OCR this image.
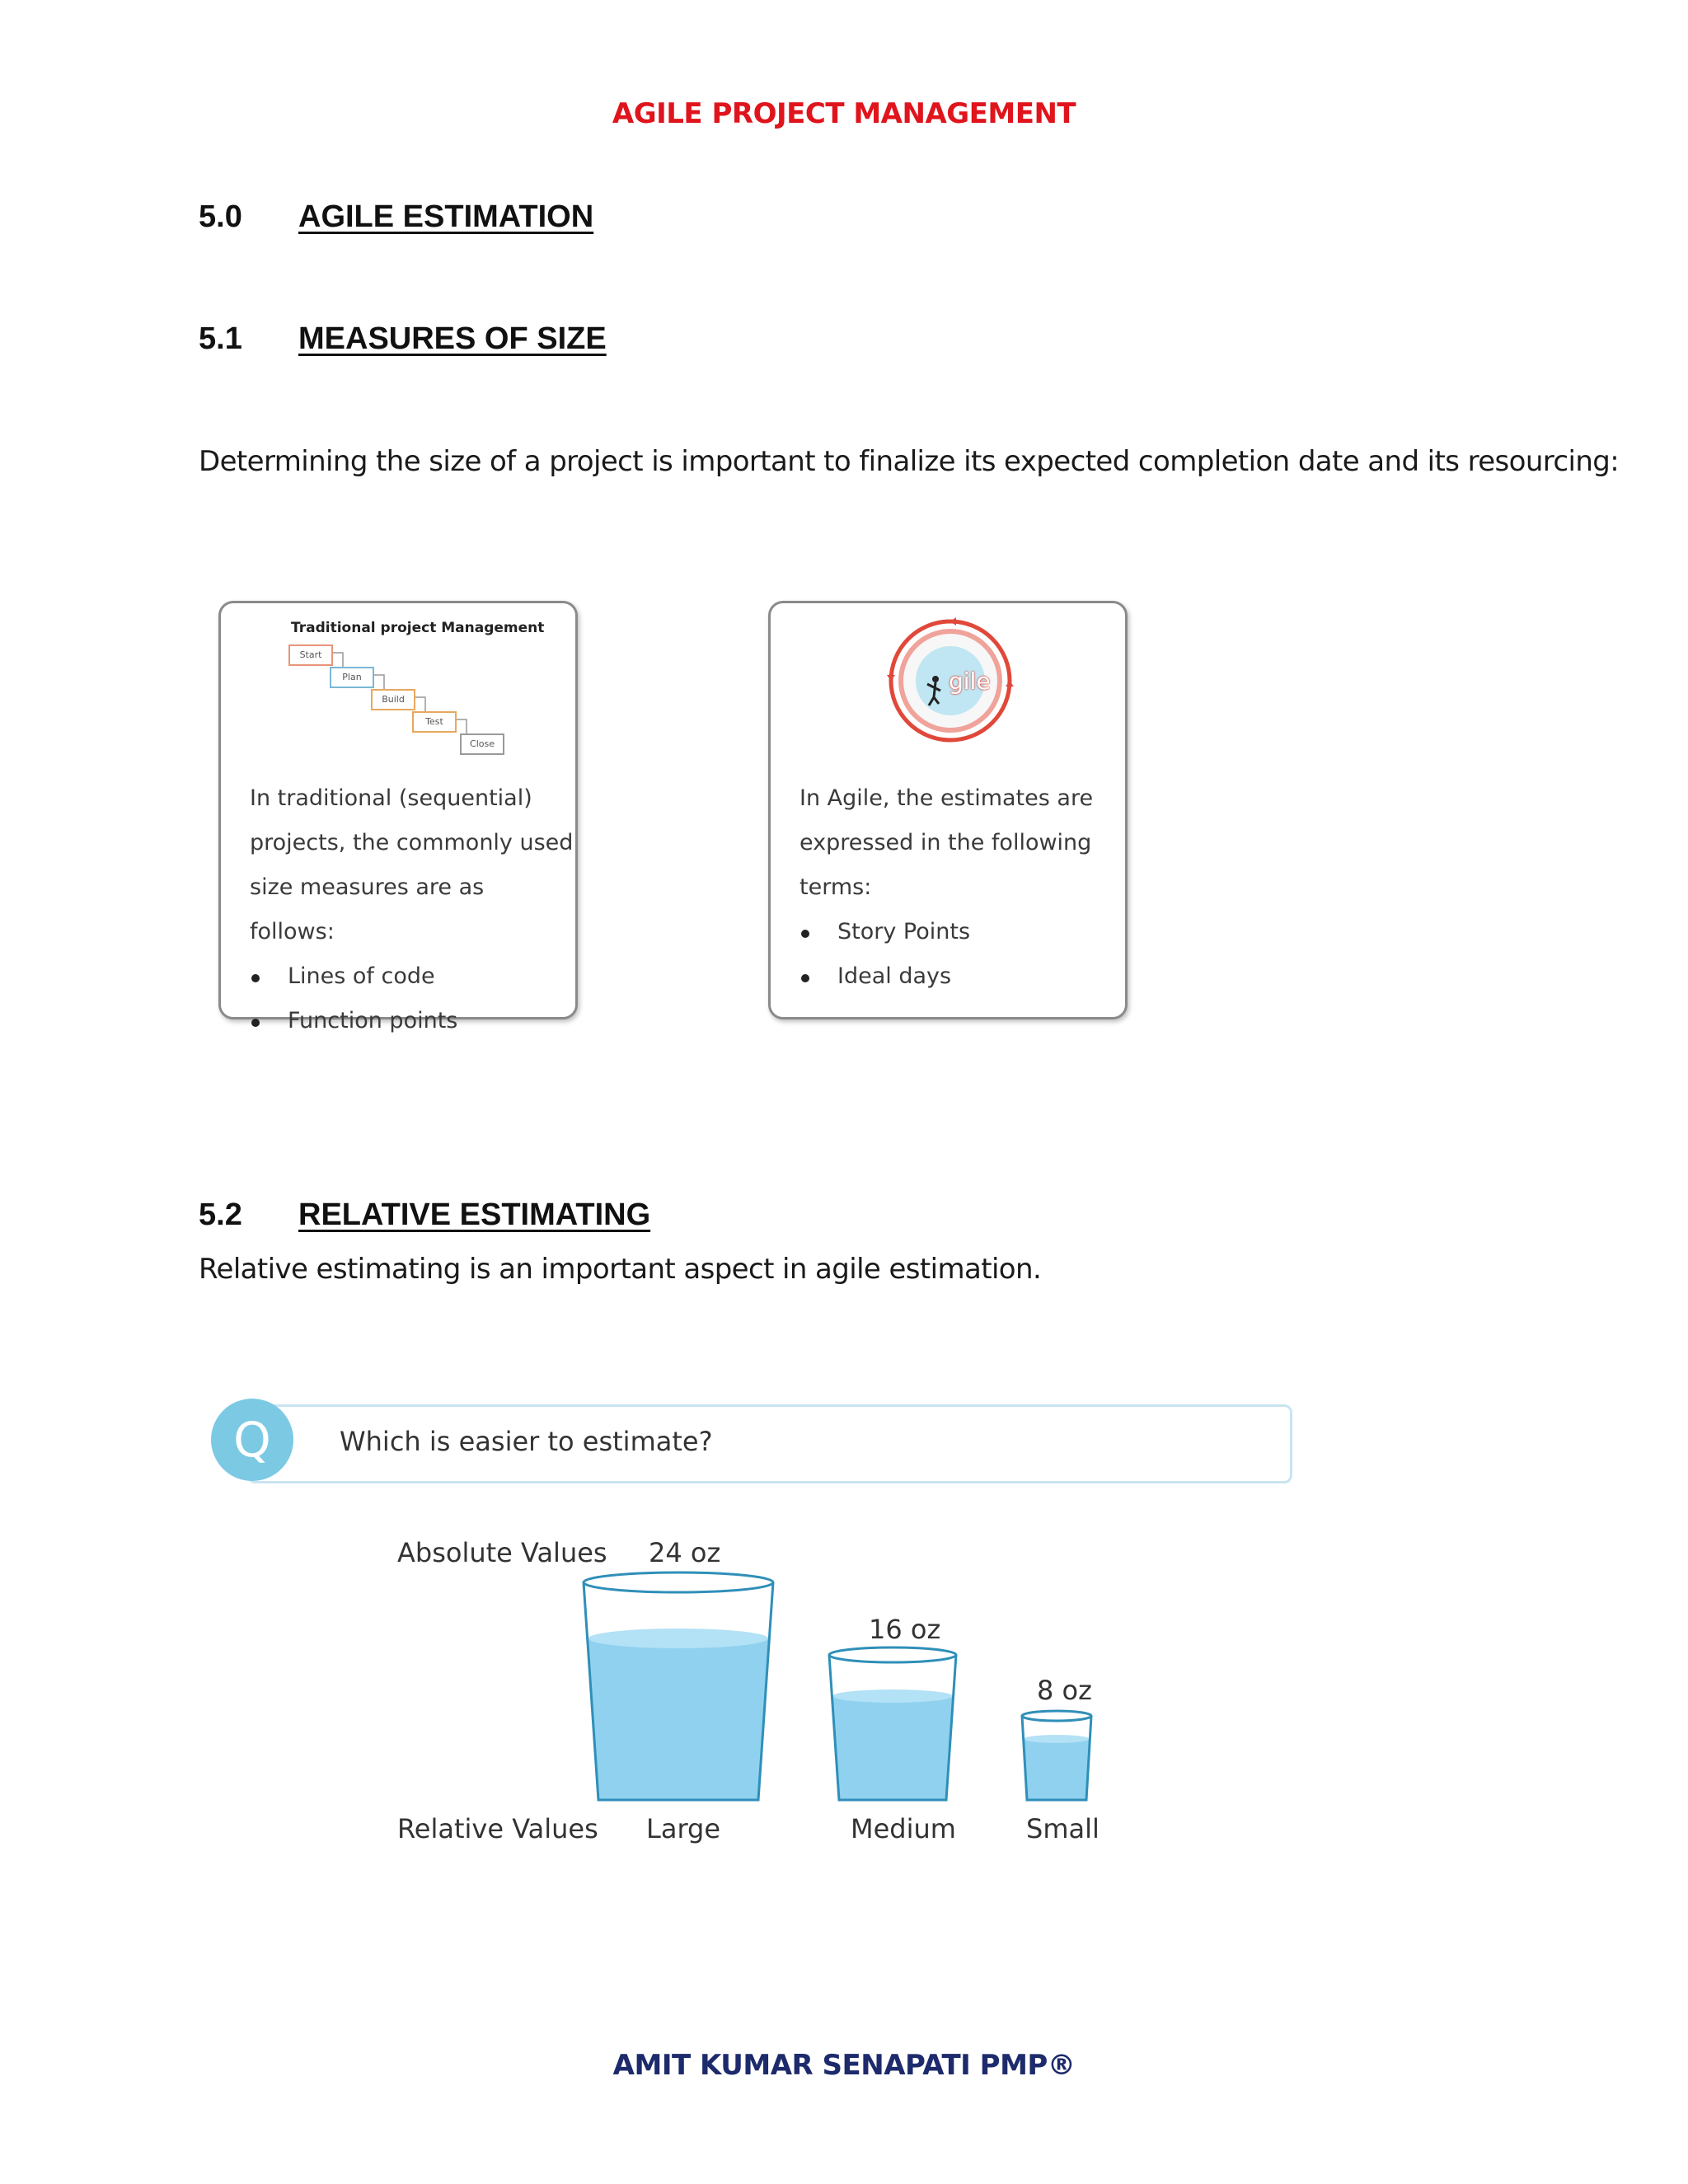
AGILE PROJECT MANAGEMENT
5.0 AGILE ESTIMATION
5.1 MEASURES OF SIZE
Determining the size of a project is important to finalize its expected completion date and its resourcing:
Traditional project Management
Start
Plan
Build
Test
Close
In traditional (sequential)
projects, the commonly used
size measures are as follows:
Lines of code
Function points
gile
In Agile, the estimates are
expressed in the following
terms:
Story Points
Ideal days
5.2 RELATIVE ESTIMATING
Relative estimating is an important aspect in agile estimation.
Q	Which is easier to estimate?
Absolute Values
Relative Values
24 oz
16 oz
8 oz
Large	Medium	Small
AMIT KUMAR SENAPATI PMP®
